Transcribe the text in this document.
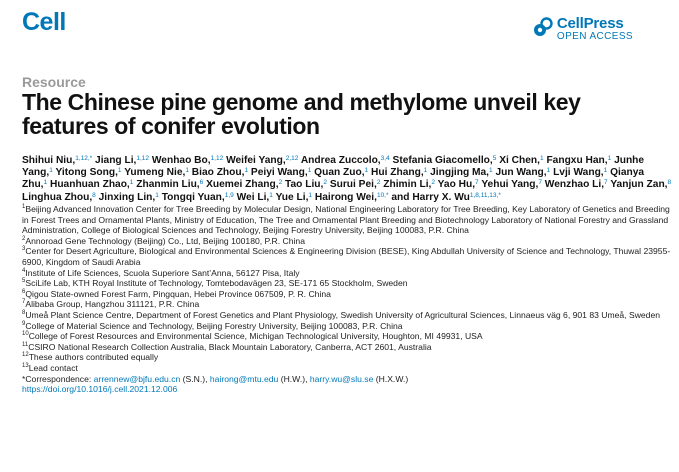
Cell	CellPress
OPEN ACCESS
Resource
The Chinese pine genome and methylome unveil key features of conifer evolution
Shihui Niu,$^{1,12,*}$ Jiang Li,$^{1,12}$ Wenhao Bo,$^{1,12}$ Weifei Yang,$^{2,12}$ Andrea Zuccolo,$^{3,4}$ Stefania Giacomello,$^5$ Xi Chen,$^1$ Fangxu Han,$^1$ Junhe Yang,$^1$ Yitong Song,$^1$ Yumeng Nie,$^1$ Biao Zhou,$^1$ Peiyi Wang,$^1$ Quan Zuo,$^1$ Hui Zhang,$^1$ Jingjing Ma,$^1$ Jun Wang,$^1$ Lvji Wang,$^1$ Qianya Zhu,$^1$ Huanhuan Zhao,$^1$ Zhanmin Liu,$^6$ Xuemei Zhang,$^2$ Tao Liu,$^2$ Surui Pei,$^2$ Zhimin Li,$^2$ Yao Hu,$^7$ Yehui Yang,$^7$ Wenzhao Li,$^7$ Yanjun Zan,$^8$ Linghua Zhou,$^8$ Jinxing Lin,$^1$ Tongqi Yuan,$^{1,9}$ Wei Li,$^1$ Yue Li,$^1$ Hairong Wei,$^{10,*}$ and Harry X. $Wu^{1,8,11,13,*}$
$^1$Beijing Advanced Innovation Center for Tree Breeding by Molecular Design, National Engineering Laboratory for Tree Breeding, Key Laboratory of Genetics and Breeding in Forest Trees and Ornamental Plants, Ministry of Education, The Tree and Ornamental Plant Breeding and Biotechnology Laboratory of National Forestry and Grassland Administration, College of Biological Sciences and Technology, Beijing Forestry University, Beijing 100083, P.R. China
$^2$Annoroad Gene Technology (Beijing) Co., Ltd, Beijing 100180, P.R. China
$^3$Center for Desert Agriculture, Biological and Environmental Sciences & Engineering Division (BESE), King Abdullah University of Science and Technology, Thuwal 23955-6900, Kingdom of Saudi Arabia
$^4$Institute of Life Sciences, Scuola Superiore Sant’Anna, 56127 Pisa, Italy
$^5$SciLife Lab, KTH Royal Institute of Technology, Tomtebodavägen 23, SE-171 65 Stockholm, Sweden
$^6$Qigou State-owned Forest Farm, Pingquan, Hebei Province 067509, P. R. China
$^7$Alibaba Group, Hangzhou 311121, P.R. China
$^8$Umeå Plant Science Centre, Department of Forest Genetics and Plant Physiology, Swedish University of Agricultural Sciences, Linnaeus väg 6, 901 83 Umeå, Sweden
$^9$College of Material Science and Technology, Beijing Forestry University, Beijing 100083, P.R. China
$^{10}$College of Forest Resources and Environmental Science, Michigan Technological University, Houghton, MI 49931, USA
$^{11}$CSIRO National Research Collection Australia, Black Mountain Laboratory, Canberra, ACT 2601, Australia
$^{12}$These authors contributed equally
$^{13}$Lead contact
*Correspondence: arrennew@bjfu.edu.cn (S.N.), hairong@mtu.edu (H.W.), harry.wu@slu.se (H.X.W.)
https://doi.org/10.1016/j.cell.2021.12.006
